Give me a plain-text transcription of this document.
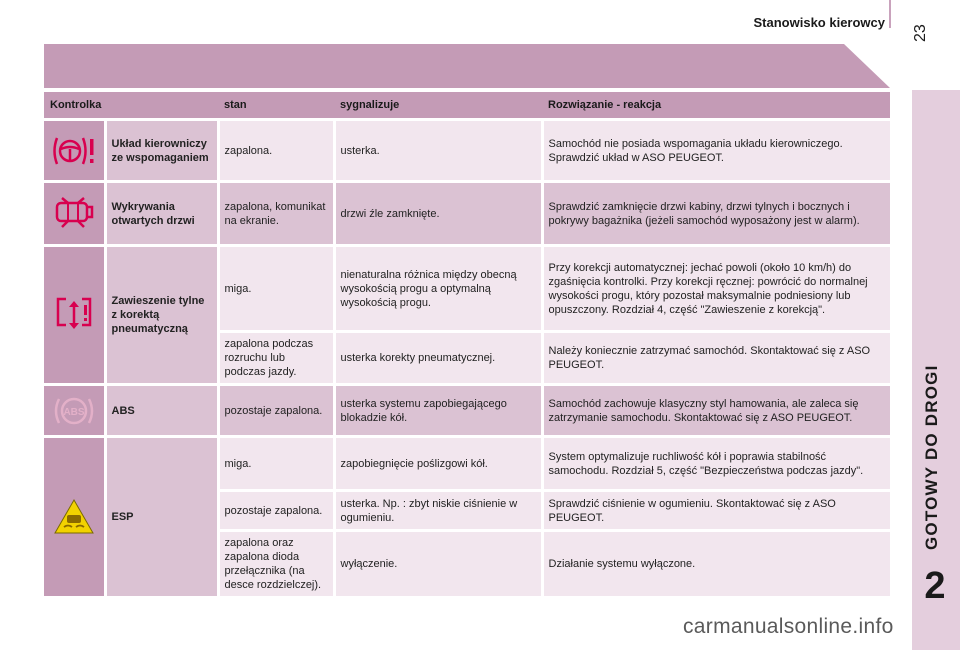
Stanowisko kierowcy
23
GOTOWY DO DROGI
2
Kontrolka		stan	sygnalizuje	Rozwiązanie - reakcja

	Układ kierowniczy ze wspomaganiem	zapalona.	usterka.	Samochód nie posiada wspomagania układu kierowniczego. Sprawdzić układ w ASO PEUGEOT.

	Wykrywania otwartych drzwi	zapalona, komunikat na ekranie.	drzwi źle zamknięte.	Sprawdzić zamknięcie drzwi kabiny, drzwi tylnych i bocznych i pokrywy bagażnika (jeżeli samochód wyposażony jest w alarm).

	Zawieszenie tylne z korektą pneumatyczną	miga.	nienaturalna różnica między obecną wysokością progu a optymalną wysokością progu.	Przy korekcji automatycznej: jechać powoli (około 10 km/h) do zgaśnięcia kontrolki. Przy korekcji ręcznej: powrócić do normalnej wysokości progu, który pozostał maksymalnie podniesiony lub opuszczony. Rozdział 4, część "Zawieszenie z korekcją".
		zapalona podczas rozruchu lub podczas jazdy.	usterka korekty pneumatycznej.	Należy koniecznie zatrzymać samochód. Skontaktować się z ASO PEUGEOT.

ABS	ABS	pozostaje zapalona.	usterka systemu zapobiegającego blokadzie kół.	Samochód zachowuje klasyczny styl hamowania, ale zaleca się zatrzymanie samochodu. Skontaktować się z ASO PEUGEOT.

	ESP	miga.	zapobiegnięcie poślizgowi kół.	System optymalizuje ruchliwość kół i poprawia stabilność samochodu. Rozdział 5, część "Bezpieczeństwa podczas jazdy".
		pozostaje zapalona.	usterka. Np. : zbyt niskie ciśnienie w ogumieniu.	Sprawdzić ciśnienie w ogumieniu. Skontaktować się z ASO PEUGEOT.
		zapalona oraz zapalona dioda przełącznika (na desce rozdzielczej).	wyłączenie.	Działanie systemu wyłączone.
carmanualsonline.info
